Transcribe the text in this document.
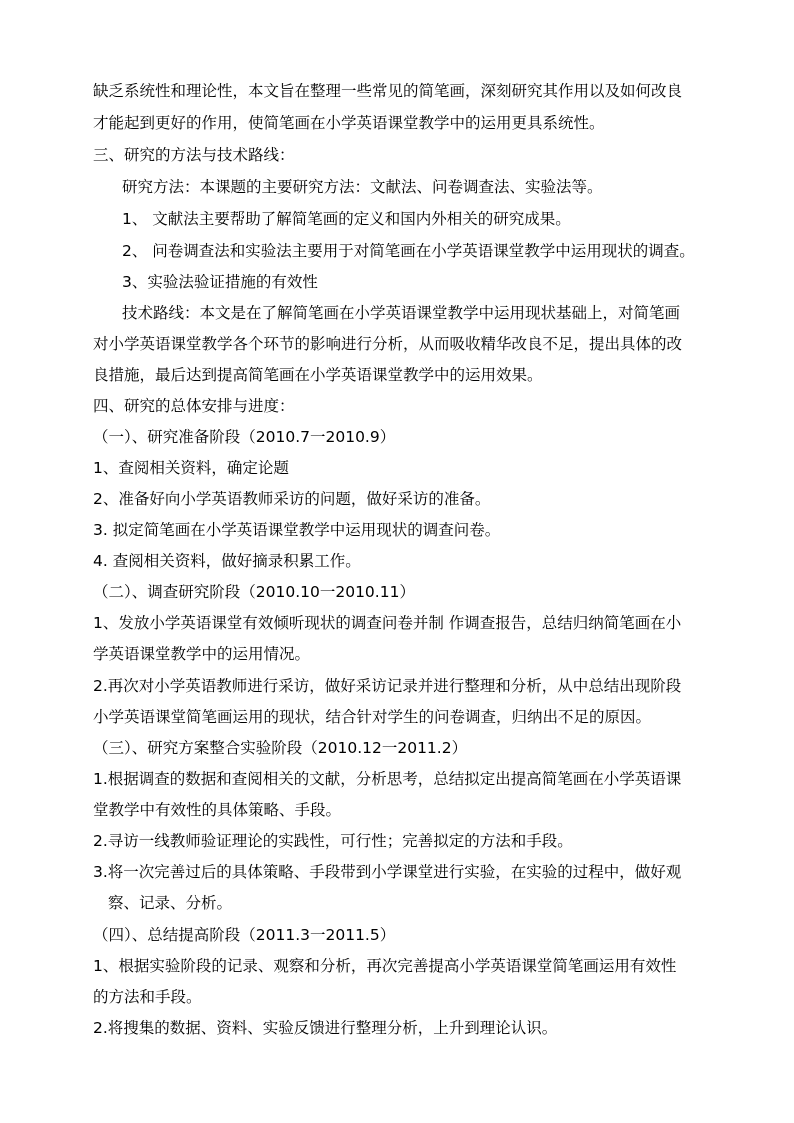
缺乏系统性和理论性，本文旨在整理一些常见的简笔画，深刻研究其作用以及如何改良
才能起到更好的作用，使简笔画在小学英语课堂教学中的运用更具系统性。
三、研究的方法与技术路线：
研究方法：本课题的主要研究方法：文献法、问卷调查法、实验法等。
1、 文献法主要帮助了解简笔画的定义和国内外相关的研究成果。
2、 问卷调查法和实验法主要用于对简笔画在小学英语课堂教学中运用现状的调查。
3、实验法验证措施的有效性
技术路线：本文是在了解简笔画在小学英语课堂教学中运用现状基础上，对简笔画
对小学英语课堂教学各个环节的影响进行分析，从而吸收精华改良不足，提出具体的改
良措施，最后达到提高简笔画在小学英语课堂教学中的运用效果。
四、研究的总体安排与进度：
（一）、研究准备阶段（2010.7一2010.9）
1、查阅相关资料，确定论题
2、准备好向小学英语教师采访的问题，做好采访的准备。
3. 拟定简笔画在小学英语课堂教学中运用现状的调查问卷。
4. 查阅相关资料，做好摘录积累工作。
（二）、调查研究阶段（2010.10一2010.11）
1、发放小学英语课堂有效倾听现状的调查问卷并制 作调查报告，总结归纳简笔画在小
学英语课堂教学中的运用情况。
2.再次对小学英语教师进行采访，做好采访记录并进行整理和分析，从中总结出现阶段
小学英语课堂简笔画运用的现状，结合针对学生的问卷调查，归纳出不足的原因。
（三）、研究方案整合实验阶段（2010.12一2011.2）
1.根据调查的数据和查阅相关的文献，分析思考，总结拟定出提高简笔画在小学英语课
堂教学中有效性的具体策略、手段。
2.寻访一线教师验证理论的实践性，可行性；完善拟定的方法和手段。
3.将一次完善过后的具体策略、手段带到小学课堂进行实验，在实验的过程中，做好观
察、记录、分析。
（四）、总结提高阶段（2011.3一2011.5）
1、根据实验阶段的记录、观察和分析，再次完善提高小学英语课堂简笔画运用有效性
的方法和手段。
2.将搜集的数据、资料、实验反馈进行整理分析，上升到理论认识。
